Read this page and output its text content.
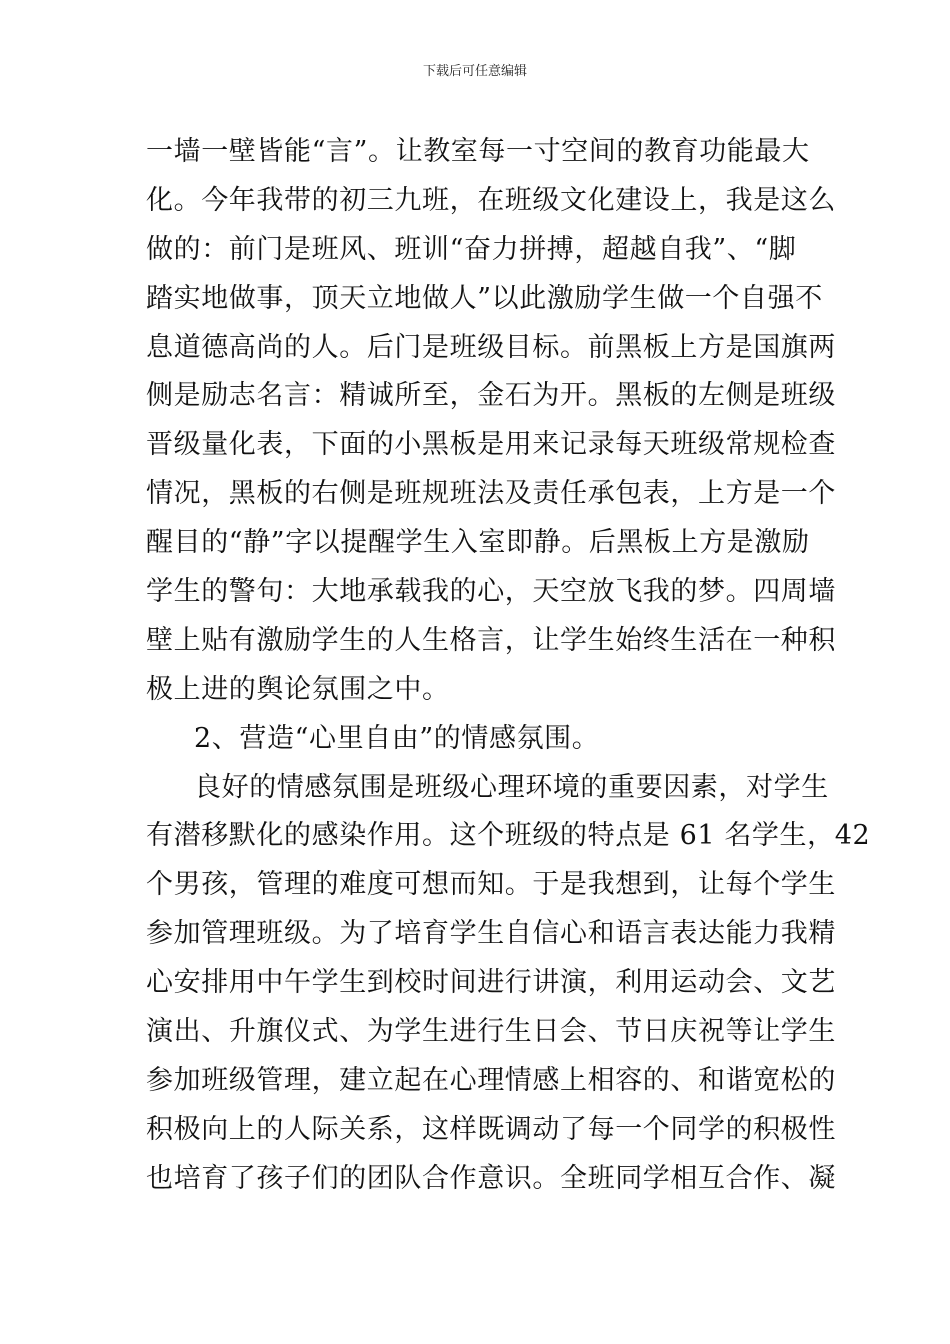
下载后可任意编辑
一墙一壁皆能“言”。让教室每一寸空间的教育功能最大
化。今年我带的初三九班，在班级文化建设上，我是这么
做的：前门是班风、班训“奋力拼搏，超越自我”、“脚
踏实地做事，顶天立地做人”以此激励学生做一个自强不
息道德高尚的人。后门是班级目标。前黑板上方是国旗两
侧是励志名言：精诚所至，金石为开。黑板的左侧是班级
晋级量化表，下面的小黑板是用来记录每天班级常规检查
情况，黑板的右侧是班规班法及责任承包表，上方是一个
醒目的“静”字以提醒学生入室即静。后黑板上方是激励
学生的警句：大地承载我的心，天空放飞我的梦。四周墙
壁上贴有激励学生的人生格言，让学生始终生活在一种积
极上进的舆论氛围之中。
2、营造“心里自由”的情感氛围。
良好的情感氛围是班级心理环境的重要因素，对学生
有潜移默化的感染作用。这个班级的特点是 61 名学生，42
个男孩，管理的难度可想而知。于是我想到，让每个学生
参加管理班级。为了培育学生自信心和语言表达能力我精
心安排用中午学生到校时间进行讲演，利用运动会、文艺
演出、升旗仪式、为学生进行生日会、节日庆祝等让学生
参加班级管理，建立起在心理情感上相容的、和谐宽松的
积极向上的人际关系，这样既调动了每一个同学的积极性
也培育了孩子们的团队合作意识。全班同学相互合作、凝
